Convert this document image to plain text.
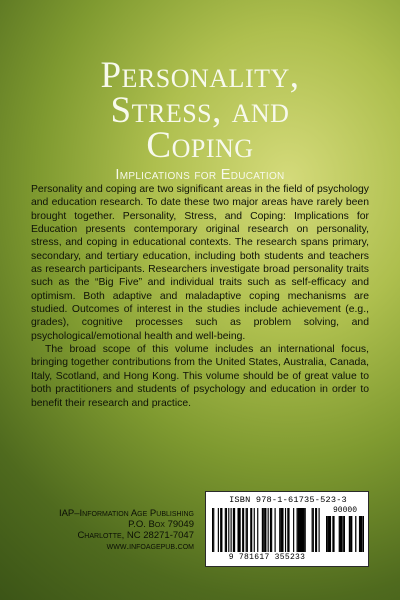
Personality,
Stress, and
Coping
Implications for Education

Personality and coping are two significant areas in the field of psychology and education research. To date these two major areas have rarely been brought together. Personality, Stress, and Coping: Implications for Education presents contemporary original research on personality, stress, and coping in educational contexts. The research spans primary, secondary, and tertiary education, including both students and teachers as research participants. Researchers investigate broad personality traits such as the “Big Five” and individual traits such as self-efficacy and optimism. Both adaptive and maladaptive coping mechanisms are studied. Outcomes of interest in the studies include achievement (e.g., grades), cognitive processes such as problem solving, and psychological/emotional health and well-being.

The broad scope of this volume includes an international focus, bringing together contributions from the United States, Australia, Canada, Italy, Scotland, and Hong Kong. This volume should be of great value to both practitioners and students of psychology and education in order to benefit their research and practice.

IAP–Information Age Publishing
P.O. Box 79049
Charlotte, NC 28271-7047
www.infoagepub.com
ISBN 978-1-61735-523-3
90000
9 781617 355233
